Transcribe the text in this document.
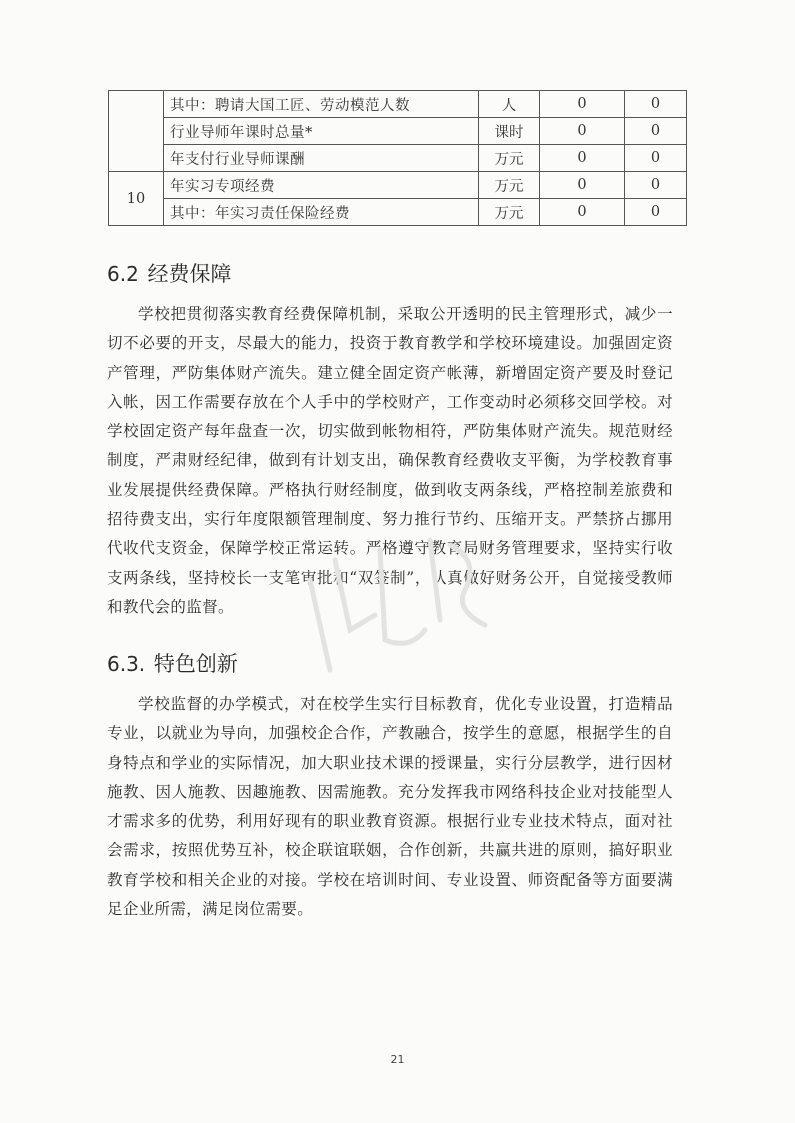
	其中：聘请大国工匠、劳动模范人数	人	0	0
	行业导师年课时总量*	课时	0	0
	年支付行业导师课酬	万元	0	0
10	年实习专项经费	万元	0	0
	其中：年实习责任保险经费	万元	0	0
6.2 经费保障

学校把贯彻落实教育经费保障机制，采取公开透明的民主管理形式，减少一切不必要的开支，尽最大的能力，投资于教育教学和学校环境建设。加强固定资产管理，严防集体财产流失。建立健全固定资产帐薄，新增固定资产要及时登记入帐，因工作需要存放在个人手中的学校财产，工作变动时必须移交回学校。对学校固定资产每年盘查一次，切实做到帐物相符，严防集体财产流失。规范财经制度，严肃财经纪律，做到有计划支出，确保教育经费收支平衡，为学校教育事业发展提供经费保障。严格执行财经制度，做到收支两条线，严格控制差旅费和招待费支出，实行年度限额管理制度、努力推行节约、压缩开支。严禁挤占挪用代收代支资金，保障学校正常运转。严格遵守教育局财务管理要求，坚持实行收支两条线，坚持校长一支笔审批和“双签制”，认真做好财务公开，自觉接受教师和教代会的监督。

6.3. 特色创新

学校监督的办学模式，对在校学生实行目标教育，优化专业设置，打造精品专业，以就业为导向，加强校企合作，产教融合，按学生的意愿，根据学生的自身特点和学业的实际情况，加大职业技术课的授课量，实行分层教学，进行因材施教、因人施教、因趣施教、因需施教。充分发挥我市网络科技企业对技能型人才需求多的优势，利用好现有的职业教育资源。根据行业专业技术特点，面对社会需求，按照优势互补，校企联谊联姻，合作创新，共赢共进的原则，搞好职业教育学校和相关企业的对接。学校在培训时间、专业设置、师资配备等方面要满足企业所需，满足岗位需要。

21
